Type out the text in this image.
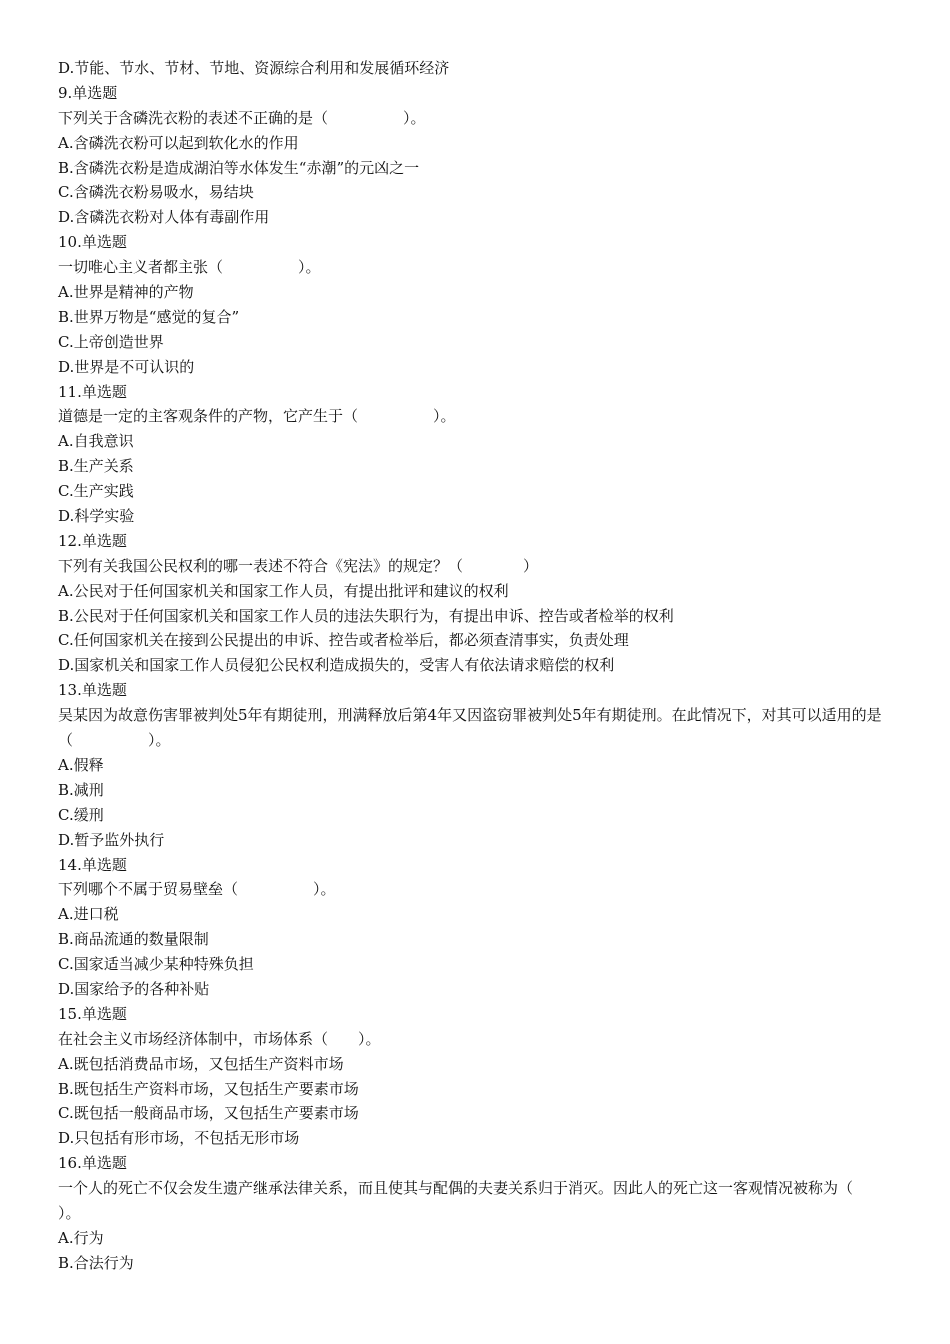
D.节能、节水、节材、节地、资源综合利用和发展循环经济
9.单选题
下列关于含磷洗衣粉的表述不正确的是（　　　　　）。
A.含磷洗衣粉可以起到软化水的作用
B.含磷洗衣粉是造成湖泊等水体发生“赤潮”的元凶之一
C.含磷洗衣粉易吸水，易结块
D.含磷洗衣粉对人体有毒副作用
10.单选题
一切唯心主义者都主张（　　　　　）。
A.世界是精神的产物
B.世界万物是“感觉的复合”
C.上帝创造世界
D.世界是不可认识的
11.单选题
道德是一定的主客观条件的产物，它产生于（　　　　　）。
A.自我意识
B.生产关系
C.生产实践
D.科学实验
12.单选题
下列有关我国公民权利的哪一表述不符合《宪法》的规定？（　　　　）
A.公民对于任何国家机关和国家工作人员，有提出批评和建议的权利
B.公民对于任何国家机关和国家工作人员的违法失职行为，有提出申诉、控告或者检举的权利
C.任何国家机关在接到公民提出的申诉、控告或者检举后，都必须查清事实，负责处理
D.国家机关和国家工作人员侵犯公民权利造成损失的，受害人有依法请求赔偿的权利
13.单选题
吴某因为故意伤害罪被判处5年有期徒刑，刑满释放后第4年又因盗窃罪被判处5年有期徒刑。在此情况下，对其可以适用的是（　　　　　）。
A.假释
B.减刑
C.缓刑
D.暂予监外执行
14.单选题
下列哪个不属于贸易壁垒（　　　　　）。
A.进口税
B.商品流通的数量限制
C.国家适当减少某种特殊负担
D.国家给予的各种补贴
15.单选题
在社会主义市场经济体制中，市场体系（　　）。
A.既包括消费品市场，又包括生产资料市场
B.既包括生产资料市场，又包括生产要素市场
C.既包括一般商品市场，又包括生产要素市场
D.只包括有形市场，不包括无形市场
16.单选题
一个人的死亡不仅会发生遗产继承法律关系，而且使其与配偶的夫妻关系归于消灭。因此人的死亡这一客观情况被称为（　　）。
A.行为
B.合法行为
